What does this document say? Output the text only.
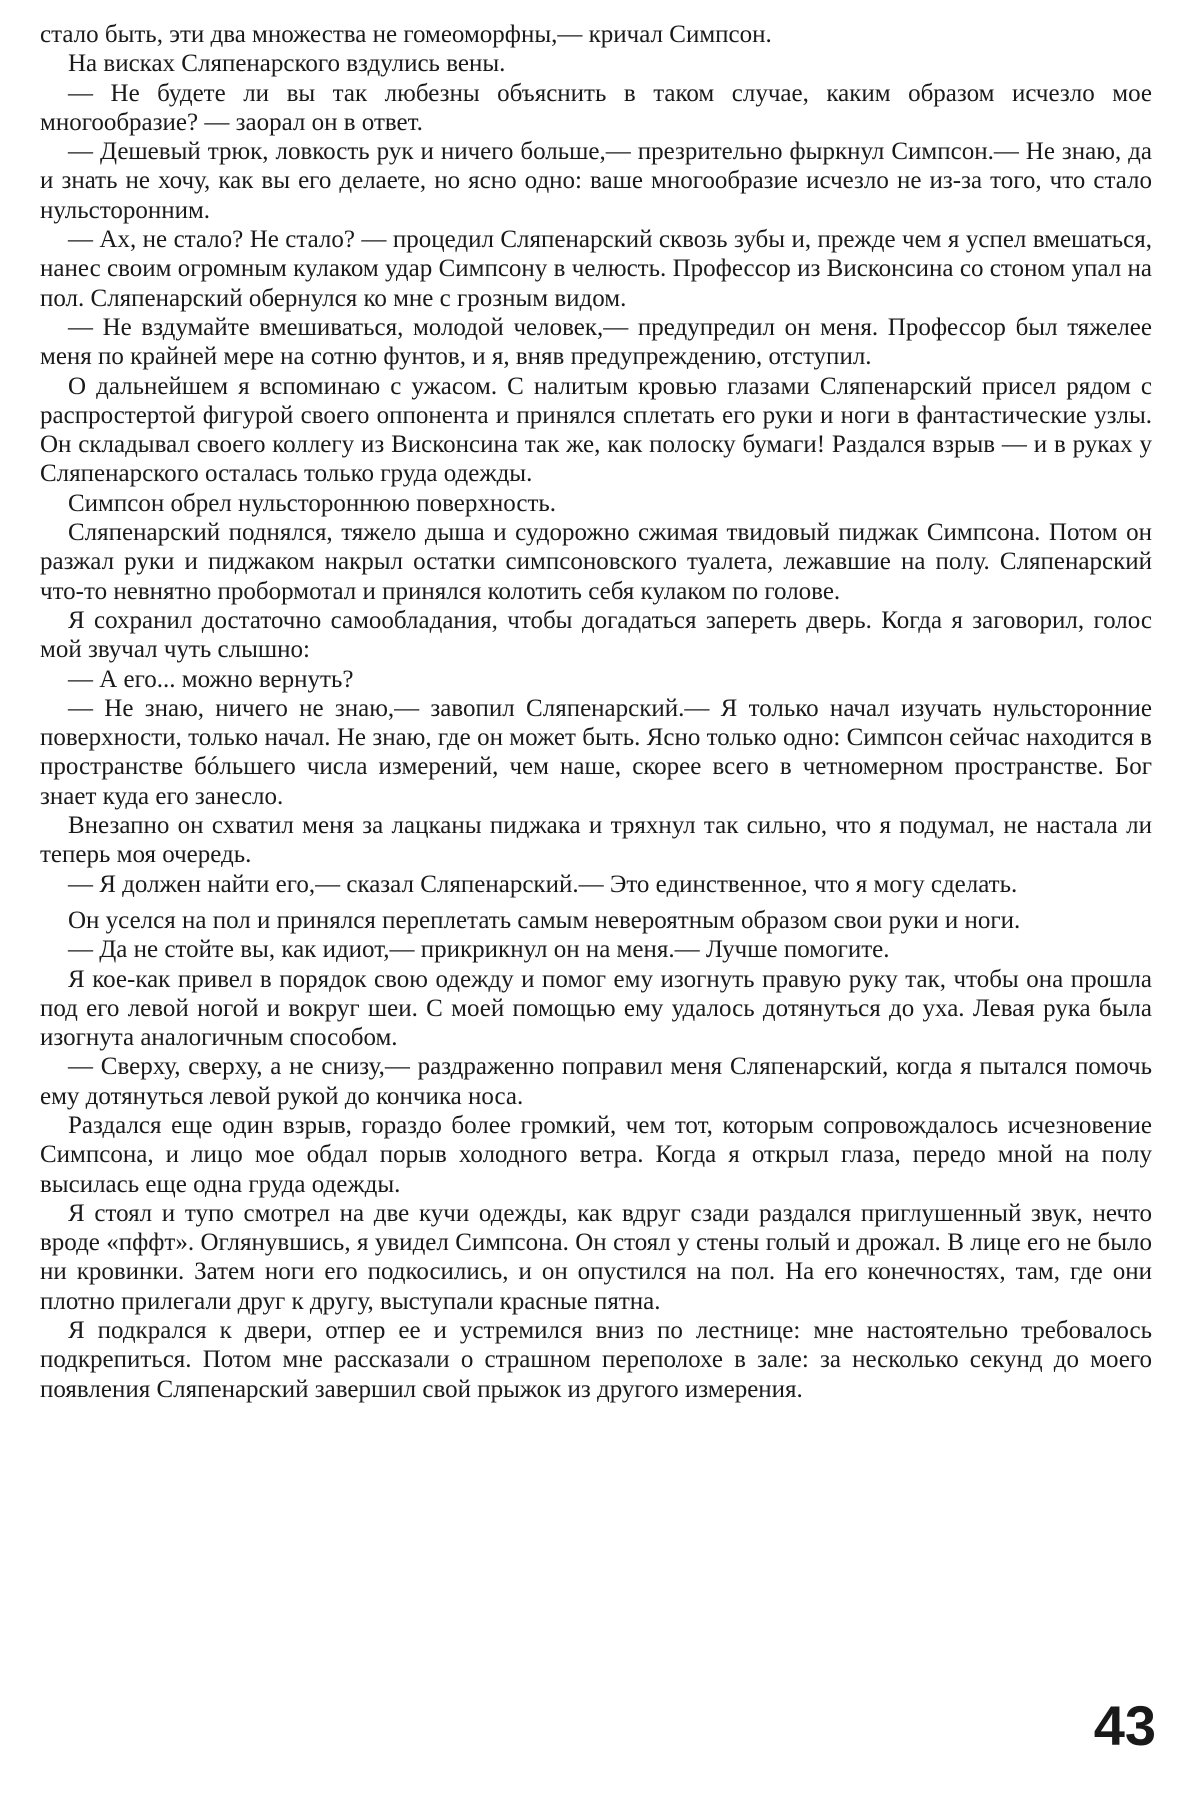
стало быть, эти два множества не гомеоморфны,— кричал Симпсон.

На висках Сляпенарского вздулись вены.

— Не будете ли вы так любезны объяснить в таком случае, каким образом исчезло мое многообразие? — заорал он в ответ.

— Дешевый трюк, ловкость рук и ничего больше,— презрительно фыркнул Симпсон.— Не знаю, да и знать не хочу, как вы его делаете, но ясно одно: ваше многообразие исчезло не из-за того, что стало нульсторонним.

— Ах, не стало? Не стало? — процедил Сляпенарский сквозь зубы и, прежде чем я успел вмешаться, нанес своим огромным кулаком удар Симпсону в челюсть. Профессор из Висконсина со стоном упал на пол. Сляпенарский обернулся ко мне с грозным видом.

— Не вздумайте вмешиваться, молодой человек,— предупредил он меня. Профессор был тяжелее меня по крайней мере на сотню фунтов, и я, вняв предупреждению, отступил.

О дальнейшем я вспоминаю с ужасом. С налитым кровью глазами Сляпенарский присел рядом с распростертой фигурой своего оппонента и принялся сплетать его руки и ноги в фантастические узлы. Он складывал своего коллегу из Висконсина так же, как полоску бумаги! Раздался взрыв — и в руках у Сляпенарского осталась только груда одежды.

Симпсон обрел нульстороннюю поверхность.

Сляпенарский поднялся, тяжело дыша и судорожно сжимая твидовый пиджак Симпсона. Потом он разжал руки и пиджаком накрыл остатки симпсоновского туалета, лежавшие на полу. Сляпенарский что-то невнятно пробормотал и принялся колотить себя кулаком по голове.

Я сохранил достаточно самообладания, чтобы догадаться запереть дверь. Когда я заговорил, голос мой звучал чуть слышно:

— А его... можно вернуть?

— Не знаю, ничего не знаю,— завопил Сляпенарский.— Я только начал изучать нульсторонние поверхности, только начал. Не знаю, где он может быть. Ясно только одно: Симпсон сейчас находится в пространстве бóльшего числа измерений, чем наше, скорее всего в четномерном пространстве. Бог знает куда его занесло.

Внезапно он схватил меня за лацканы пиджака и тряхнул так сильно, что я подумал, не настала ли теперь моя очередь.

— Я должен найти его,— сказал Сляпенарский.— Это единственное, что я могу сделать.

Он уселся на пол и принялся переплетать самым невероятным образом свои руки и ноги.

— Да не стойте вы, как идиот,— прикрикнул он на меня.— Лучше помогите.

Я кое-как привел в порядок свою одежду и помог ему изогнуть правую руку так, чтобы она прошла под его левой ногой и вокруг шеи. С моей помощью ему удалось дотянуться до уха. Левая рука была изогнута аналогичным способом.

— Сверху, сверху, а не снизу,— раздраженно поправил меня Сляпенарский, когда я пытался помочь ему дотянуться левой рукой до кончика носа.

Раздался еще один взрыв, гораздо более громкий, чем тот, которым сопровождалось исчезновение Симпсона, и лицо мое обдал порыв холодного ветра. Когда я открыл глаза, передо мной на полу высилась еще одна груда одежды.

Я стоял и тупо смотрел на две кучи одежды, как вдруг сзади раздался приглушенный звук, нечто вроде «пффт». Оглянувшись, я увидел Симпсона. Он стоял у стены голый и дрожал. В лице его не было ни кровинки. Затем ноги его подкосились, и он опустился на пол. На его конечностях, там, где они плотно прилегали друг к другу, выступали красные пятна.

Я подкрался к двери, отпер ее и устремился вниз по лестнице: мне настоятельно требовалось подкрепиться. Потом мне рассказали о страшном переполохе в зале: за несколько секунд до моего появления Сляпенарский завершил свой прыжок из другого измерения.

43
